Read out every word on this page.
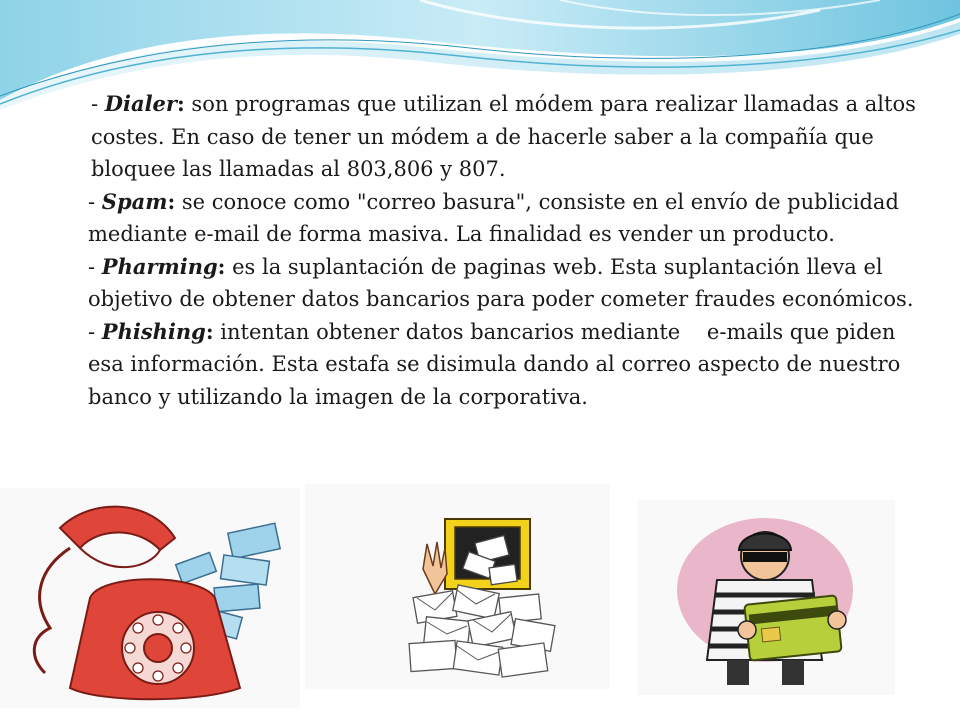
- Dialer: son programas que utilizan el módem para realizar llamadas a altos costes. En caso de tener un módem a de hacerle saber a la compañía que bloquee las llamadas al 803,806 y 807.

- Spam: se conoce como "correo basura", consiste en el envío de publicidad mediante e-mail de forma masiva. La finalidad es vender un producto.

- Pharming: es la suplantación de paginas web. Esta suplantación lleva el objetivo de obtener datos bancarios para poder cometer fraudes económicos.

- Phishing: intentan obtener datos bancarios mediante    e-mails que piden esa información. Esta estafa se disimula dando al correo aspecto de nuestro banco y utilizando la imagen de la corporativa.
